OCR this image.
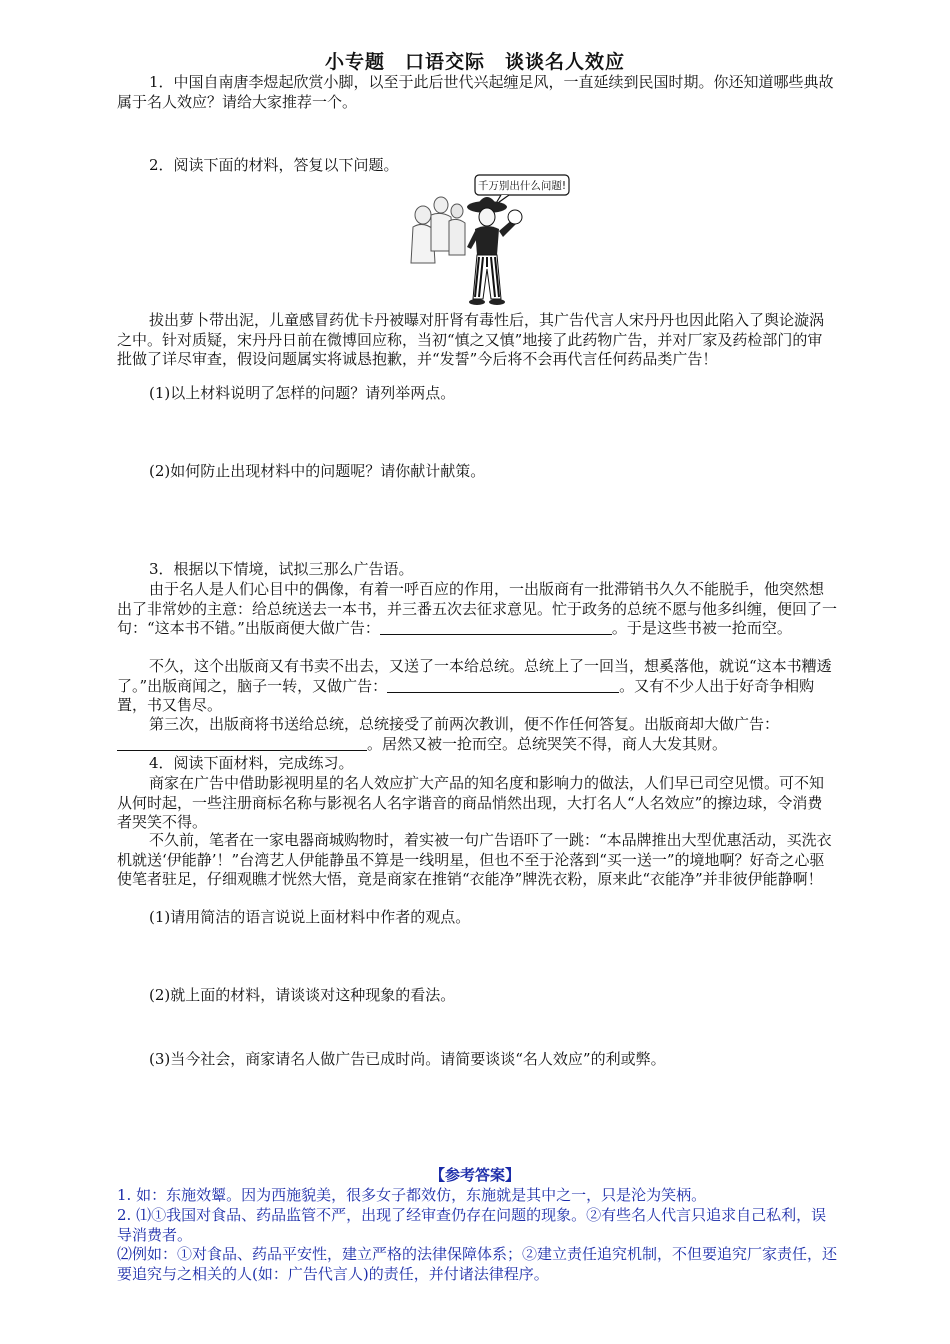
小专题　口语交际　谈谈名人效应
1．中国自南唐李煜起欣赏小脚，以至于此后世代兴起缠足风，一直延续到民国时期。你还知道哪些典故属于名人效应？请给大家推荐一个。
2．阅读下面的材料，答复以下问题。
千万别出什么问题!
拔出萝卜带出泥，儿童感冒药优卡丹被曝对肝肾有毒性后，其广告代言人宋丹丹也因此陷入了舆论漩涡之中。针对质疑，宋丹丹日前在微博回应称，当初“慎之又慎”地接了此药物广告，并对厂家及药检部门的审批做了详尽审查，假设问题属实将诚恳抱歉，并“发誓”今后将不会再代言任何药品类广告！
(1)以上材料说明了怎样的问题？请列举两点。
(2)如何防止出现材料中的问题呢？请你献计献策。
3．根据以下情境，试拟三那么广告语。
由于名人是人们心目中的偶像，有着一呼百应的作用，一出版商有一批滞销书久久不能脱手，他突然想出了非常妙的主意：给总统送去一本书，并三番五次去征求意见。忙于政务的总统不愿与他多纠缠，便回了一句：“这本书不错。”出版商便大做广告：	。于是这些书被一抢而空。
不久，这个出版商又有书卖不出去，又送了一本给总统。总统上了一回当，想奚落他，就说“这本书糟透了。”出版商闻之，脑子一转，又做广告：	。又有不少人出于好奇争相购置，书又售尽。
第三次，出版商将书送给总统，总统接受了前两次教训，便不作任何答复。出版商却大做广告：。居然又被一抢而空。总统哭笑不得，商人大发其财。
4．阅读下面材料，完成练习。
商家在广告中借助影视明星的名人效应扩大产品的知名度和影响力的做法，人们早已司空见惯。可不知从何时起，一些注册商标名称与影视名人名字谐音的商品悄然出现，大打名人“人名效应”的擦边球，令消费者哭笑不得。
不久前，笔者在一家电器商城购物时，着实被一句广告语吓了一跳：“本品牌推出大型优惠活动，买洗衣机就送‘伊能静’！”台湾艺人伊能静虽不算是一线明星，但也不至于沦落到“买一送一”的境地啊？好奇之心驱使笔者驻足，仔细观瞧才恍然大悟，竟是商家在推销“衣能净”牌洗衣粉，原来此“衣能净”并非彼伊能静啊！
(1)请用简洁的语言说说上面材料中作者的观点。
(2)就上面的材料，请谈谈对这种现象的看法。
(3)当今社会，商家请名人做广告已成时尚。请简要谈谈“名人效应”的利或弊。
【参考答案】
1. 如：东施效颦。因为西施貌美，很多女子都效仿，东施就是其中之一，只是沦为笑柄。
2. ⑴①我国对食品、药品监管不严，出现了经审查仍存在问题的现象。②有些名人代言只追求自己私利，误导消费者。
⑵例如：①对食品、药品平安性，建立严格的法律保障体系；②建立责任追究机制，不但要追究厂家责任，还要追究与之相关的人(如：广告代言人)的责任，并付诸法律程序。
